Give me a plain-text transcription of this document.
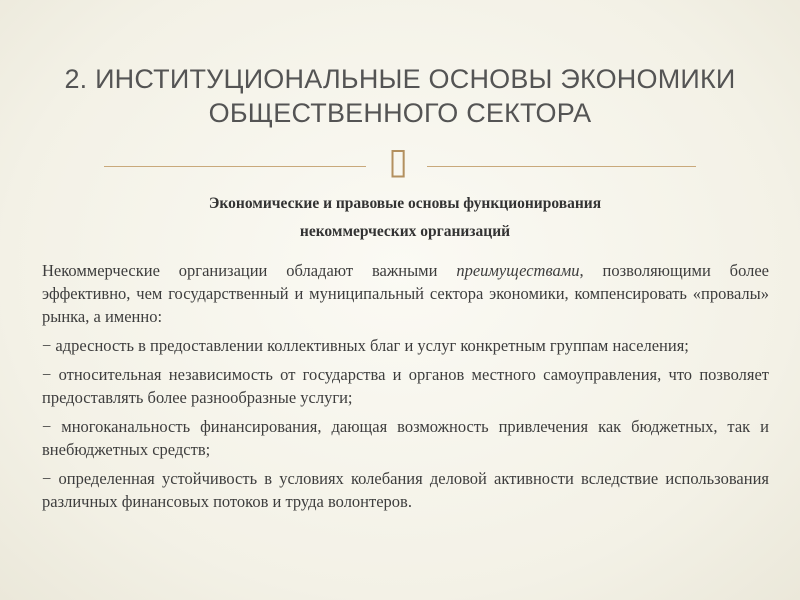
2. ИНСТИТУЦИОНАЛЬНЫЕ ОСНОВЫ ЭКОНОМИКИ
ОБЩЕСТВЕННОГО СЕКТОРА
▯
Экономические и правовые основы функционирования
некоммерческих организаций

Некоммерческие организации обладают важными преимуществами, позволяющими более эффективно, чем государственный и муниципальный сектора экономики, компенсировать «провалы» рынка, а именно:

− адресность в предоставлении коллективных благ и услуг конкретным группам населения;

− относительная независимость от государства и органов местного самоуправления, что позволяет предоставлять более разнообразные услуги;

− многоканальность финансирования, дающая возможность привлечения как бюджетных, так и внебюджетных средств;

− определенная устойчивость в условиях колебания деловой активности вследствие использования различных финансовых потоков и труда волонтеров.
